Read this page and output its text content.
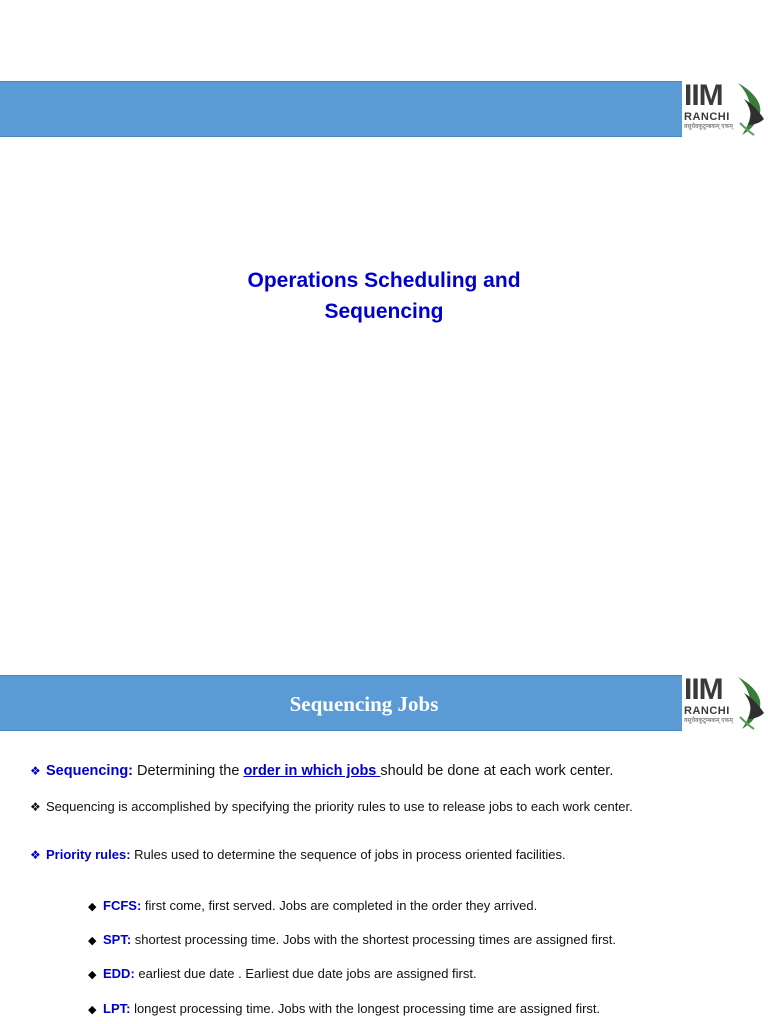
IIM
RANCHI
वसुधैवकुटुम्बकम् एकम्
Operations Scheduling and
Sequencing
Sequencing Jobs	IIM
RANCHI
वसुधैवकुटुम्बकम् एकम्
❖ Sequencing: Determining the order in which jobs should be done at each work center.
❖ Sequencing is accomplished by specifying the priority rules to use to release jobs to each work center.
❖ Priority rules: Rules used to determine the sequence of jobs in process oriented facilities.
◆ FCFS: first come, first served. Jobs are completed in the order they arrived.
◆ SPT: shortest processing time. Jobs with the shortest processing times are assigned first.
◆ EDD: earliest due date . Earliest due date jobs are assigned first.
◆ LPT: longest processing time. Jobs with the longest processing time are assigned first.
